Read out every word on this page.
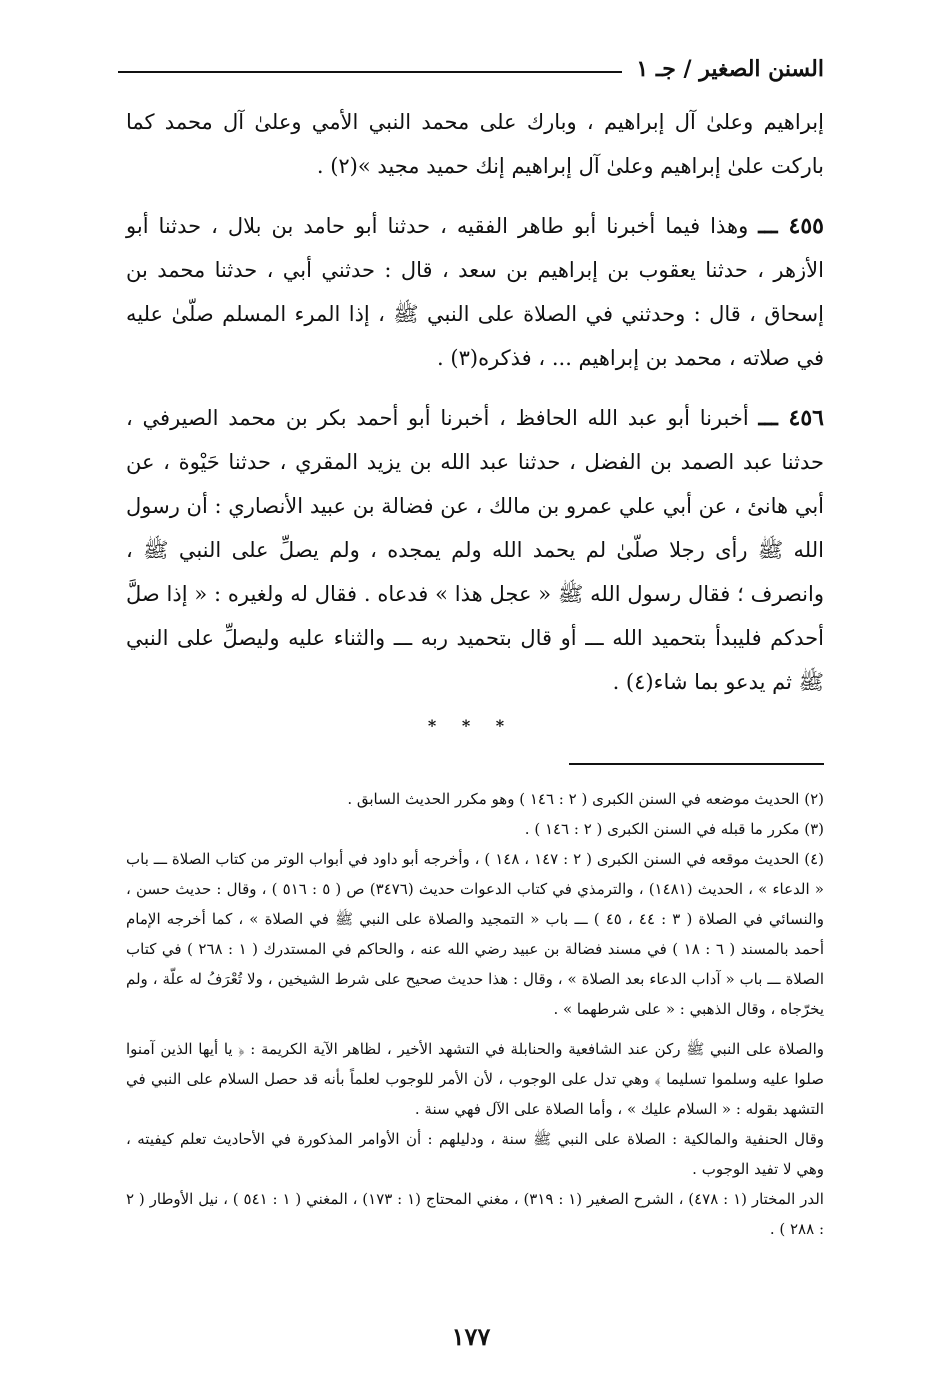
السنن الصغير / جـ ١

إبراهيم وعلىٰ آل إبراهيم ، وبارك على محمد النبي الأمي وعلىٰ آل محمد كما باركت علىٰ إبراهيم وعلىٰ آل إبراهيم إنك حميد مجيد »(٢) .

٤٥٥ ـــ وهذا فيما أخبرنا أبو طاهر الفقيه ، حدثنا أبو حامد بن بلال ، حدثنا أبو الأزهر ، حدثنا يعقوب بن إبراهيم بن سعد ، قال : حدثني أبي ، حدثنا محمد بن إسحاق ، قال : وحدثني في الصلاة على النبي ﷺ ، إذا المرء المسلم صلّىٰ عليه في صلاته ، محمد بن إبراهيم ... ، فذكره(٣) .

٤٥٦ ـــ أخبرنا أبو عبد الله الحافظ ، أخبرنا أبو أحمد بكر بن محمد الصيرفي ، حدثنا عبد الصمد بن الفضل ، حدثنا عبد الله بن يزيد المقري ، حدثنا حَيْوة ، عن أبي هانئ ، عن أبي علي عمرو بن مالك ، عن فضالة بن عبيد الأنصاري : أن رسول الله ﷺ رأى رجلا صلّىٰ لم يحمد الله ولم يمجده ، ولم يصلِّ على النبي ﷺ ، وانصرف ؛ فقال رسول الله ﷺ « عجل هذا » فدعاه . فقال له ولغيره : « إذا صلَّ أحدكم فليبدأ بتحميد الله ـــ أو قال بتحميد ربه ـــ والثناء عليه وليصلِّ على النبي ﷺ ثم يدعو بما شاء(٤) .

* * *

(٢) الحديث موضعه في السنن الكبرى ( ٢ : ١٤٦ ) وهو مكرر الحديث السابق .

(٣) مكرر ما قبله في السنن الكبرى ( ٢ : ١٤٦ ) .

(٤) الحديث موقعه في السنن الكبرى ( ٢ : ١٤٧ ، ١٤٨ ) ، وأخرجه أبو داود في أبواب الوتر من كتاب الصلاة ـــ باب « الدعاء » ، الحديث (١٤٨١) ، والترمذي في كتاب الدعوات حديث (٣٤٧٦) ص ( ٥ : ٥١٦ ) ، وقال : حديث حسن ، والنسائي في الصلاة ( ٣ : ٤٤ ، ٤٥ ) ـــ باب « التمجيد والصلاة على النبي ﷺ في الصلاة » ، كما أخرجه الإمام أحمد بالمسند ( ٦ : ١٨ ) في مسند فضالة بن عبيد رضي الله عنه ، والحاكم في المستدرك ( ١ : ٢٦٨ ) في كتاب الصلاة ـــ باب « آداب الدعاء بعد الصلاة » ، وقال : هذا حديث صحيح على شرط الشيخين ، ولا تُعْرَفُ له علّة ، ولم يخرّجاه ، وقال الذهبي : « على شرطهما » .

والصلاة على النبي ﷺ ركن عند الشافعية والحنابلة في التشهد الأخير ، لظاهر الآية الكريمة : ﴿ يا أيها الذين آمنوا صلوا عليه وسلموا تسليما ﴾ وهي تدل على الوجوب ، لأن الأمر للوجوب لعلماً بأنه قد حصل السلام على النبي في التشهد بقوله : « السلام عليك » ، وأما الصلاة على الآل فهي سنة .

وقال الحنفية والمالكية : الصلاة على النبي ﷺ سنة ، ودليلهم : أن الأوامر المذكورة في الأحاديث تعلم كيفيته ، وهي لا تفيد الوجوب .

الدر المختار (١ : ٤٧٨) ، الشرح الصغير (١ : ٣١٩) ، مغني المحتاج (١ : ١٧٣) ، المغني ( ١ : ٥٤١ ) ، نيل الأوطار ( ٢ : ٢٨٨ ) .

١٧٧
